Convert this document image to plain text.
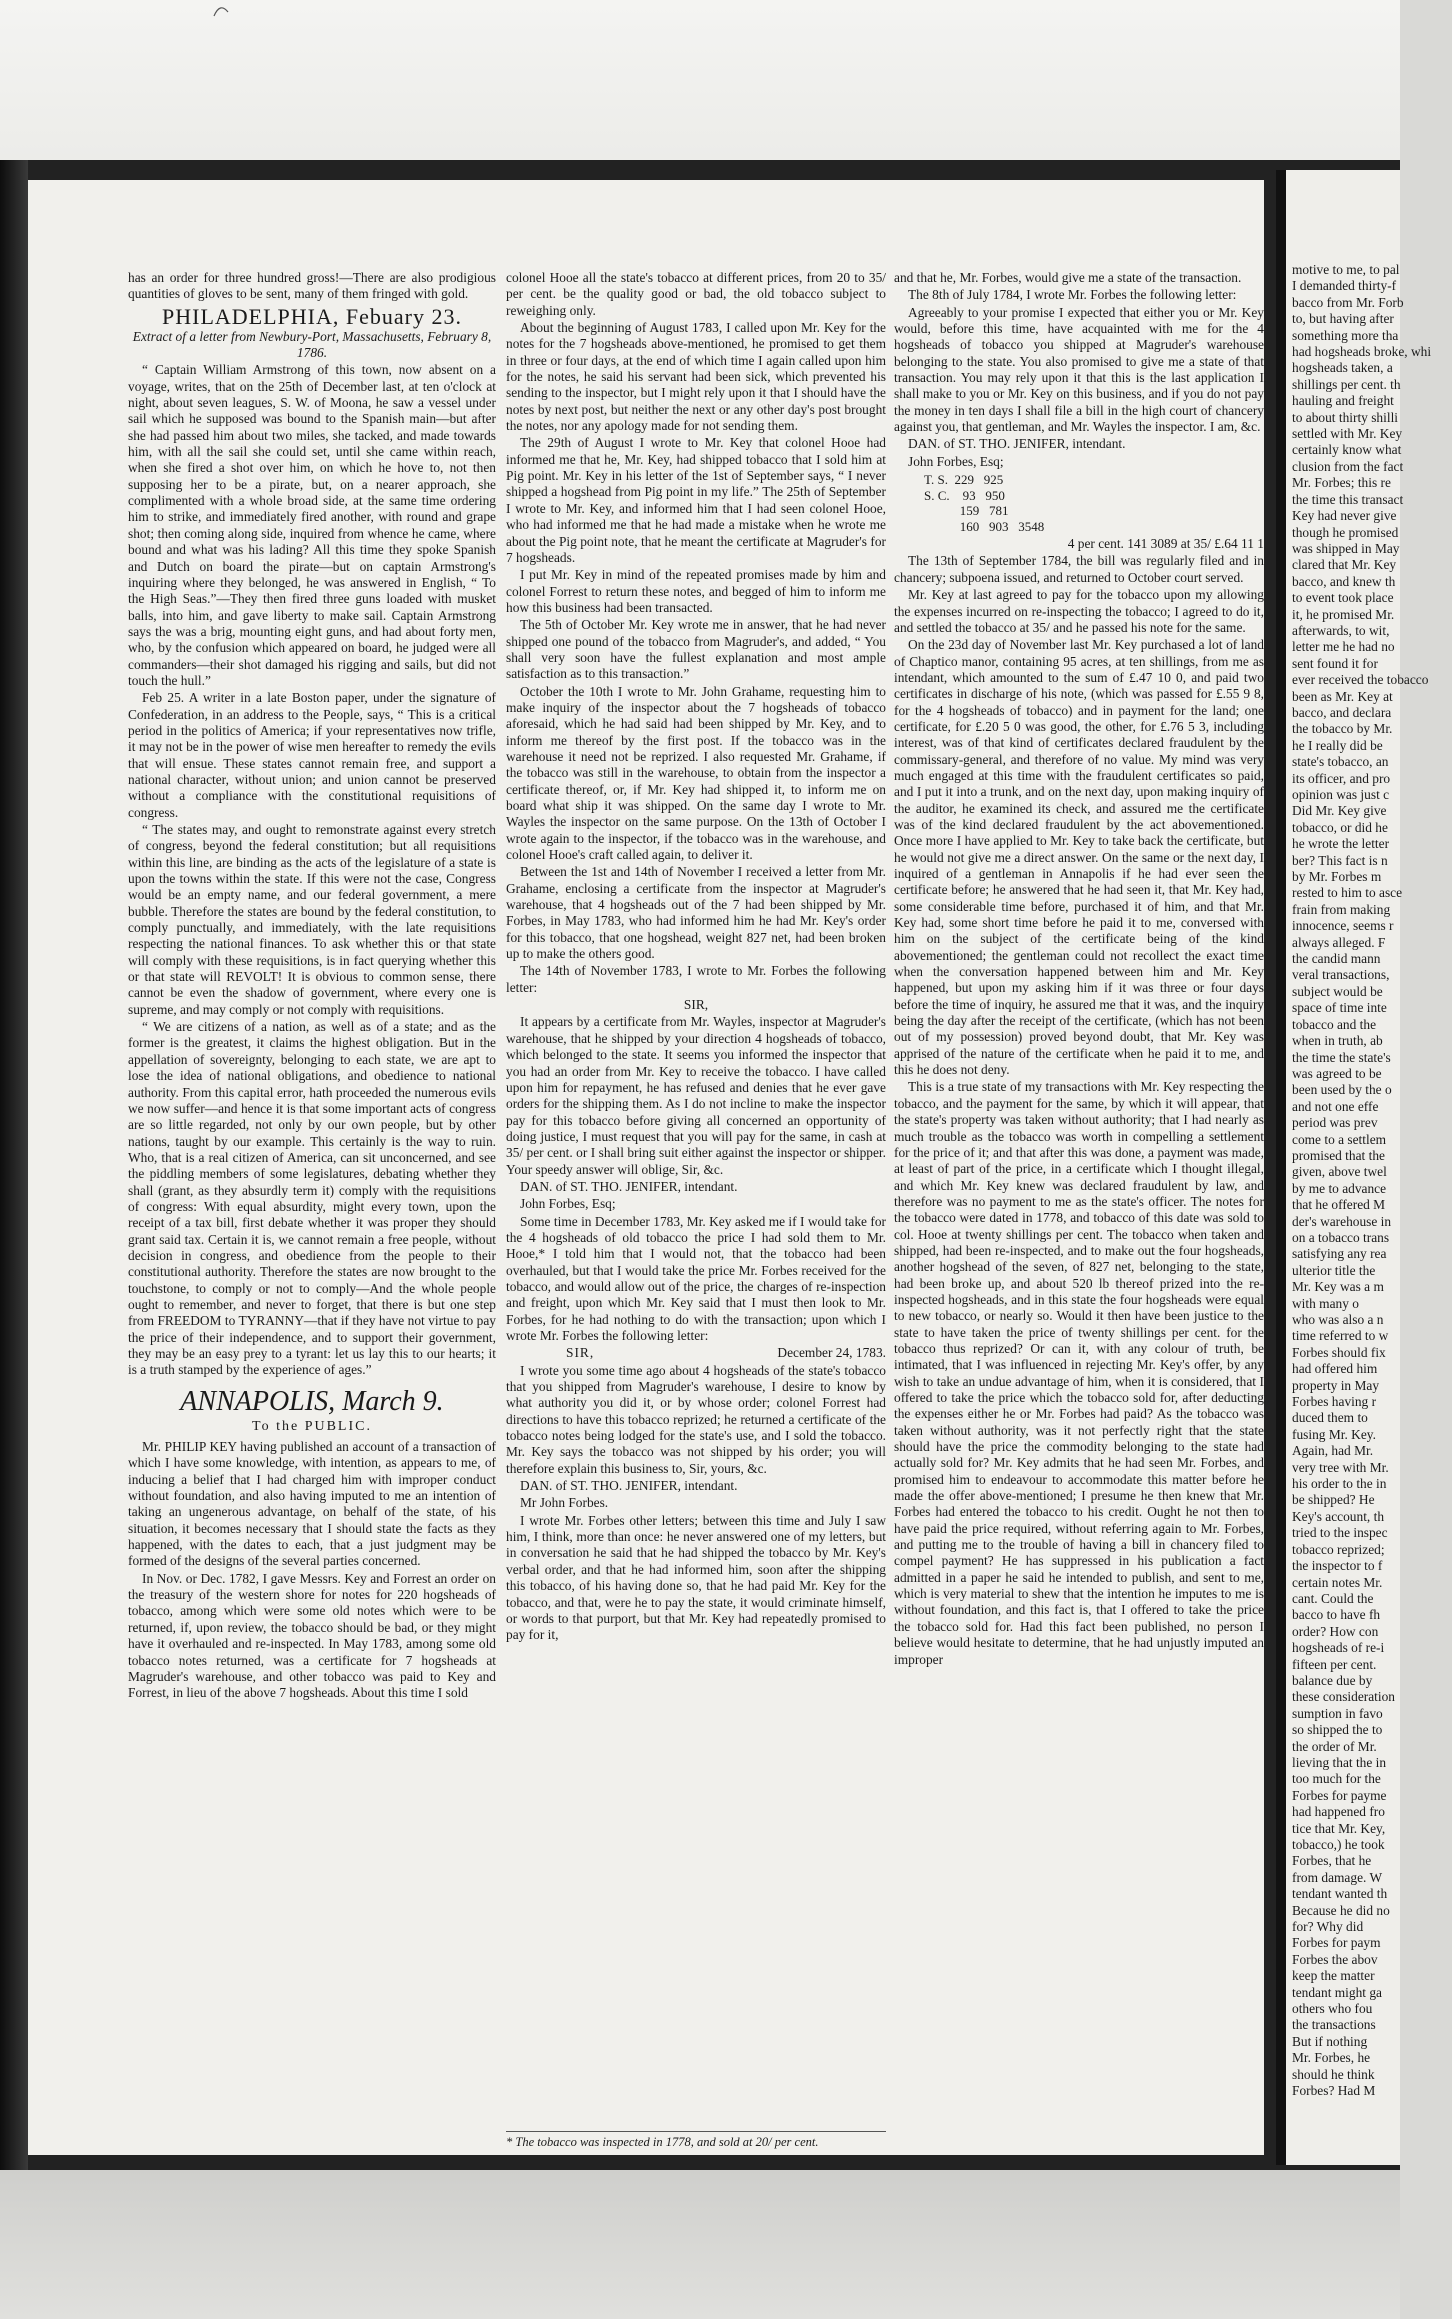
has an order for three hundred gross!—There are also prodigious quantities of gloves to be sent, many of them fringed with gold.

PHILADELPHIA, Febuary 23.

Extract of a letter from Newbury-Port, Massachusetts, February 8, 1786.

“ Captain William Armstrong of this town, now absent on a voyage, writes, that on the 25th of December last, at ten o'clock at night, about seven leagues, S. W. of Moona, he saw a vessel under sail which he supposed was bound to the Spanish main—but after she had passed him about two miles, she tacked, and made towards him, with all the sail she could set, until she came within reach, when she fired a shot over him, on which he hove to, not then supposing her to be a pirate, but, on a nearer approach, she complimented with a whole broad side, at the same time ordering him to strike, and immediately fired another, with round and grape shot; then coming along side, inquired from whence he came, where bound and what was his lading? All this time they spoke Spanish and Dutch on board the pirate—but on captain Armstrong's inquiring where they belonged, he was answered in English, “ To the High Seas.”—They then fired three guns loaded with musket balls, into him, and gave liberty to make sail. Captain Armstrong says the was a brig, mounting eight guns, and had about forty men, who, by the confusion which appeared on board, he judged were all commanders—their shot damaged his rigging and sails, but did not touch the hull.”

Feb 25. A writer in a late Boston paper, under the signature of Confederation, in an address to the People, says, “ This is a critical period in the politics of America; if your representatives now trifle, it may not be in the power of wise men hereafter to remedy the evils that will ensue. These states cannot remain free, and support a national character, without union; and union cannot be preserved without a compliance with the constitutional requisitions of congress.

“ The states may, and ought to remonstrate against every stretch of congress, beyond the federal constitution; but all requisitions within this line, are binding as the acts of the legislature of a state is upon the towns within the state. If this were not the case, Congress would be an empty name, and our federal government, a mere bubble. Therefore the states are bound by the federal constitution, to comply punctually, and immediately, with the late requisitions respecting the national finances. To ask whether this or that state will comply with these requisitions, is in fact querying whether this or that state will REVOLT! It is obvious to common sense, there cannot be even the shadow of government, where every one is supreme, and may comply or not comply with requisitions.

“ We are citizens of a nation, as well as of a state; and as the former is the greatest, it claims the highest obligation. But in the appellation of sovereignty, belonging to each state, we are apt to lose the idea of national obligations, and obedience to national authority. From this capital error, hath proceeded the numerous evils we now suffer—and hence it is that some important acts of congress are so little regarded, not only by our own people, but by other nations, taught by our example. This certainly is the way to ruin. Who, that is a real citizen of America, can sit unconcerned, and see the piddling members of some legislatures, debating whether they shall (grant, as they absurdly term it) comply with the requisitions of congress: With equal absurdity, might every town, upon the receipt of a tax bill, first debate whether it was proper they should grant said tax. Certain it is, we cannot remain a free people, without decision in congress, and obedience from the people to their constitutional authority. Therefore the states are now brought to the touchstone, to comply or not to comply—And the whole people ought to remember, and never to forget, that there is but one step from FREEDOM to TYRANNY—that if they have not virtue to pay the price of their independence, and to support their government, they may be an easy prey to a tyrant: let us lay this to our hearts; it is a truth stamped by the experience of ages.”

ANNAPOLIS, March 9.
To the PUBLIC.

Mr. PHILIP KEY having published an account of a transaction of which I have some knowledge, with intention, as appears to me, of inducing a belief that I had charged him with improper conduct without foundation, and also having imputed to me an intention of taking an ungenerous advantage, on behalf of the state, of his situation, it becomes necessary that I should state the facts as they happened, with the dates to each, that a just judgment may be formed of the designs of the several parties concerned.

In Nov. or Dec. 1782, I gave Messrs. Key and Forrest an order on the treasury of the western shore for notes for 220 hogsheads of tobacco, among which were some old notes which were to be returned, if, upon review, the tobacco should be bad, or they might have it overhauled and re-inspected. In May 1783, among some old tobacco notes returned, was a certificate for 7 hogsheads at Magruder's warehouse, and other tobacco was paid to Key and Forrest, in lieu of the above 7 hogsheads. About this time I sold

colonel Hooe all the state's tobacco at different prices, from 20 to 35/ per cent. be the quality good or bad, the old tobacco subject to reweighing only.

About the beginning of August 1783, I called upon Mr. Key for the notes for the 7 hogsheads above-mentioned, he promised to get them in three or four days, at the end of which time I again called upon him for the notes, he said his servant had been sick, which prevented his sending to the inspector, but I might rely upon it that I should have the notes by next post, but neither the next or any other day's post brought the notes, nor any apology made for not sending them.

The 29th of August I wrote to Mr. Key that colonel Hooe had informed me that he, Mr. Key, had shipped tobacco that I sold him at Pig point. Mr. Key in his letter of the 1st of September says, “ I never shipped a hogshead from Pig point in my life.” The 25th of September I wrote to Mr. Key, and informed him that I had seen colonel Hooe, who had informed me that he had made a mistake when he wrote me about the Pig point note, that he meant the certificate at Magruder's for 7 hogsheads.

I put Mr. Key in mind of the repeated promises made by him and colonel Forrest to return these notes, and begged of him to inform me how this business had been transacted.

The 5th of October Mr. Key wrote me in answer, that he had never shipped one pound of the tobacco from Magruder's, and added, “ You shall very soon have the fullest explanation and most ample satisfaction as to this transaction.”

October the 10th I wrote to Mr. John Grahame, requesting him to make inquiry of the inspector about the 7 hogsheads of tobacco aforesaid, which he had said had been shipped by Mr. Key, and to inform me thereof by the first post. If the tobacco was in the warehouse it need not be reprized. I also requested Mr. Grahame, if the tobacco was still in the warehouse, to obtain from the inspector a certificate thereof, or, if Mr. Key had shipped it, to inform me on board what ship it was shipped. On the same day I wrote to Mr. Wayles the inspector on the same purpose. On the 13th of October I wrote again to the inspector, if the tobacco was in the warehouse, and colonel Hooe's craft called again, to deliver it.

Between the 1st and 14th of November I received a letter from Mr. Grahame, enclosing a certificate from the inspector at Magruder's warehouse, that 4 hogsheads out of the 7 had been shipped by Mr. Forbes, in May 1783, who had informed him he had Mr. Key's order for this tobacco, that one hogshead, weight 827 net, had been broken up to make the others good.

The 14th of November 1783, I wrote to Mr. Forbes the following letter:

SIR,

It appears by a certificate from Mr. Wayles, inspector at Magruder's warehouse, that he shipped by your direction 4 hogsheads of tobacco, which belonged to the state. It seems you informed the inspector that you had an order from Mr. Key to receive the tobacco. I have called upon him for repayment, he has refused and denies that he ever gave orders for the shipping them. As I do not incline to make the inspector pay for this tobacco before giving all concerned an opportunity of doing justice, I must request that you will pay for the same, in cash at 35/ per cent. or I shall bring suit either against the inspector or shipper. Your speedy answer will oblige, Sir, &c.

DAN. of ST. THO. JENIFER, intendant.

John Forbes, Esq;

Some time in December 1783, Mr. Key asked me if I would take for the 4 hogsheads of old tobacco the price I had sold them to Mr. Hooe,* I told him that I would not, that the tobacco had been overhauled, but that I would take the price Mr. Forbes received for the tobacco, and would allow out of the price, the charges of re-inspection and freight, upon which Mr. Key said that I must then look to Mr. Forbes, for he had nothing to do with the transaction; upon which I wrote Mr. Forbes the following letter:

SIR,	December 24, 1783.

I wrote you some time ago about 4 hogsheads of the state's tobacco that you shipped from Magruder's warehouse, I desire to know by what authority you did it, or by whose order; colonel Forrest had directions to have this tobacco reprized; he returned a certificate of the tobacco notes being lodged for the state's use, and I sold the tobacco. Mr. Key says the tobacco was not shipped by his order; you will therefore explain this business to, Sir, yours, &c.

DAN. of ST. THO. JENIFER, intendant.

Mr John Forbes.

I wrote Mr. Forbes other letters; between this time and July I saw him, I think, more than once: he never answered one of my letters, but in conversation he said that he had shipped the tobacco by Mr. Key's verbal order, and that he had informed him, soon after the shipping this tobacco, of his having done so, that he had paid Mr. Key for the tobacco, and that, were he to pay the state, it would criminate himself, or words to that purport, but that Mr. Key had repeatedly promised to pay for it,

* The tobacco was inspected in 1778, and sold at 20/ per cent.

and that he, Mr. Forbes, would give me a state of the transaction.

The 8th of July 1784, I wrote Mr. Forbes the following letter:

Agreeably to your promise I expected that either you or Mr. Key would, before this time, have acquainted with me for the 4 hogsheads of tobacco you shipped at Magruder's warehouse belonging to the state. You also promised to give me a state of that transaction. You may rely upon it that this is the last application I shall make to you or Mr. Key on this business, and if you do not pay the money in ten days I shall file a bill in the high court of chancery against you, that gentleman, and Mr. Wayles the inspector. I am, &c.

DAN. of ST. THO. JENIFER, intendant.

John Forbes, Esq;

T. S.  229   925
S. C.    93   950
159   781
160   903   3548

4 per cent. 141 3089 at 35/ £.64 11 1

The 13th of September 1784, the bill was regularly filed and in chancery; subpoena issued, and returned to October court served.

Mr. Key at last agreed to pay for the tobacco upon my allowing the expenses incurred on re-inspecting the tobacco; I agreed to do it, and settled the tobacco at 35/ and he passed his note for the same.

On the 23d day of November last Mr. Key purchased a lot of land of Chaptico manor, containing 95 acres, at ten shillings, from me as intendant, which amounted to the sum of £.47 10 0, and paid two certificates in discharge of his note, (which was passed for £.55 9 8, for the 4 hogsheads of tobacco) and in payment for the land; one certificate, for £.20 5 0 was good, the other, for £.76 5 3, including interest, was of that kind of certificates declared fraudulent by the commissary-general, and therefore of no value. My mind was very much engaged at this time with the fraudulent certificates so paid, and I put it into a trunk, and on the next day, upon making inquiry of the auditor, he examined its check, and assured me the certificate was of the kind declared fraudulent by the act abovementioned. Once more I have applied to Mr. Key to take back the certificate, but he would not give me a direct answer. On the same or the next day, I inquired of a gentleman in Annapolis if he had ever seen the certificate before; he answered that he had seen it, that Mr. Key had, some considerable time before, purchased it of him, and that Mr. Key had, some short time before he paid it to me, conversed with him on the subject of the certificate being of the kind abovementioned; the gentleman could not recollect the exact time when the conversation happened between him and Mr. Key happened, but upon my asking him if it was three or four days before the time of inquiry, he assured me that it was, and the inquiry being the day after the receipt of the certificate, (which has not been out of my possession) proved beyond doubt, that Mr. Key was apprised of the nature of the certificate when he paid it to me, and this he does not deny.

This is a true state of my transactions with Mr. Key respecting the tobacco, and the payment for the same, by which it will appear, that the state's property was taken without authority; that I had nearly as much trouble as the tobacco was worth in compelling a settlement for the price of it; and that after this was done, a payment was made, at least of part of the price, in a certificate which I thought illegal, and which Mr. Key knew was declared fraudulent by law, and therefore was no payment to me as the state's officer. The notes for the tobacco were dated in 1778, and tobacco of this date was sold to col. Hooe at twenty shillings per cent. The tobacco when taken and shipped, had been re-inspected, and to make out the four hogsheads, another hogshead of the seven, of 827 net, belonging to the state, had been broke up, and about 520 lb thereof prized into the re-inspected hogsheads, and in this state the four hogsheads were equal to new tobacco, or nearly so. Would it then have been justice to the state to have taken the price of twenty shillings per cent. for the tobacco thus reprized? Or can it, with any colour of truth, be intimated, that I was influenced in rejecting Mr. Key's offer, by any wish to take an undue advantage of him, when it is considered, that I offered to take the price which the tobacco sold for, after deducting the expenses either he or Mr. Forbes had paid? As the tobacco was taken without authority, was it not perfectly right that the state should have the price the commodity belonging to the state had actually sold for? Mr. Key admits that he had seen Mr. Forbes, and promised him to endeavour to accommodate this matter before he made the offer above-mentioned; I presume he then knew that Mr. Forbes had entered the tobacco to his credit. Ought he not then to have paid the price required, without referring again to Mr. Forbes, and putting me to the trouble of having a bill in chancery filed to compel payment? He has suppressed in his publication a fact admitted in a paper he said he intended to publish, and sent to me, which is very material to shew that the intention he imputes to me is without foundation, and this fact is, that I offered to take the price the tobacco sold for. Had this fact been published, no person I believe would hesitate to determine, that he had unjustly imputed an improper

motive to me, to pal
I demanded thirty-f
bacco from Mr. Forb
to, but having after
something more tha
had hogsheads broke, whi
hogsheads taken, a
shillings per cent. th
hauling and freight
to about thirty shilli
settled with Mr. Key
certainly know what
clusion from the fact
Mr. Forbes; this re
the time this transact
Key had never give
though he promised
was shipped in May
clared that Mr. Key
bacco, and knew th
to event took place
it, he promised Mr.
afterwards, to wit,
letter me he had no
sent found it for
ever received the tobacco
been as Mr. Key at
bacco, and declara
the tobacco by Mr.
he I really did be
state's tobacco, an
its officer, and pro
opinion was just c
Did Mr. Key give
tobacco, or did he
he wrote the letter
ber? This fact is n
by Mr. Forbes m
rested to him to asce
frain from making
innocence, seems r
always alleged. F
the candid mann
veral transactions,
subject would be
space of time inte
tobacco and the
when in truth, ab
the time the state's
was agreed to be
been used by the o
and not one effe
period was prev
come to a settlem
promised that the
given, above twel
by me to advance
that he offered M
der's warehouse in
on a tobacco trans
satisfying any rea
ulterior title the
Mr. Key was a m
with many o
who was also a n
time referred to w
Forbes should fix
had offered him
property in May
Forbes having r
duced them to
fusing Mr. Key.
Again, had Mr.
very tree with Mr.
his order to the in
be shipped? He
Key's account, th
tried to the inspec
tobacco reprized;
the inspector to f
certain notes Mr.
cant. Could the
bacco to have fh
order? How con
hogsheads of re-i
fifteen per cent.
balance due by
these consideration
sumption in favo
so shipped the to
the order of Mr.
lieving that the in
too much for the
Forbes for payme
had happened fro
tice that Mr. Key,
tobacco,) he took
Forbes, that he
from damage. W
tendant wanted th
Because he did no
for? Why did
Forbes for paym
Forbes the abov
keep the matter
tendant might ga
others who fou
the transactions
But if nothing
Mr. Forbes, he
should he think
Forbes? Had M
